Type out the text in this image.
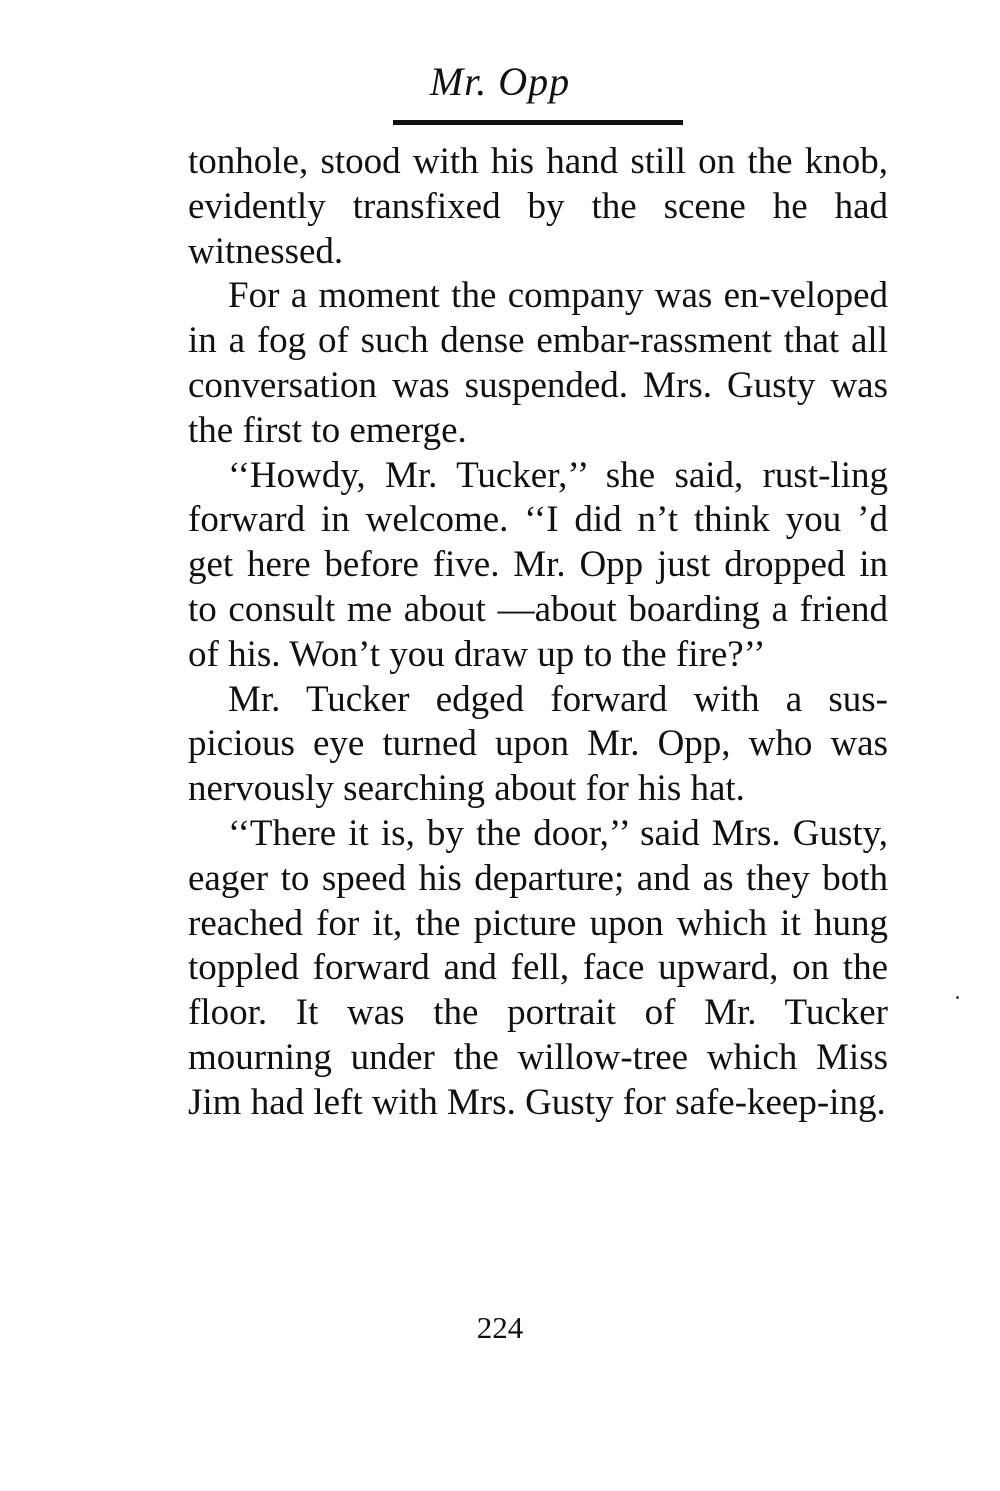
Mr. Opp

tonhole, stood with his hand still on the knob, evidently transfixed by the scene he had witnessed.

For a moment the company was en-veloped in a fog of such dense embar-rassment that all conversation was suspended. Mrs. Gusty was the first to emerge.

‘‘Howdy, Mr. Tucker,’’ she said, rust-ling forward in welcome. ‘‘I did n’t think you ’d get here before five. Mr. Opp just dropped in to consult me about —about boarding a friend of his. Won’t you draw up to the fire?’’

Mr. Tucker edged forward with a sus-picious eye turned upon Mr. Opp, who was nervously searching about for his hat.

‘‘There it is, by the door,’’ said Mrs. Gusty, eager to speed his departure; and as they both reached for it, the picture upon which it hung toppled forward and fell, face upward, on the floor. It was the portrait of Mr. Tucker mourning under the willow-tree which Miss Jim had left with Mrs. Gusty for safe-keep-ing.

224
